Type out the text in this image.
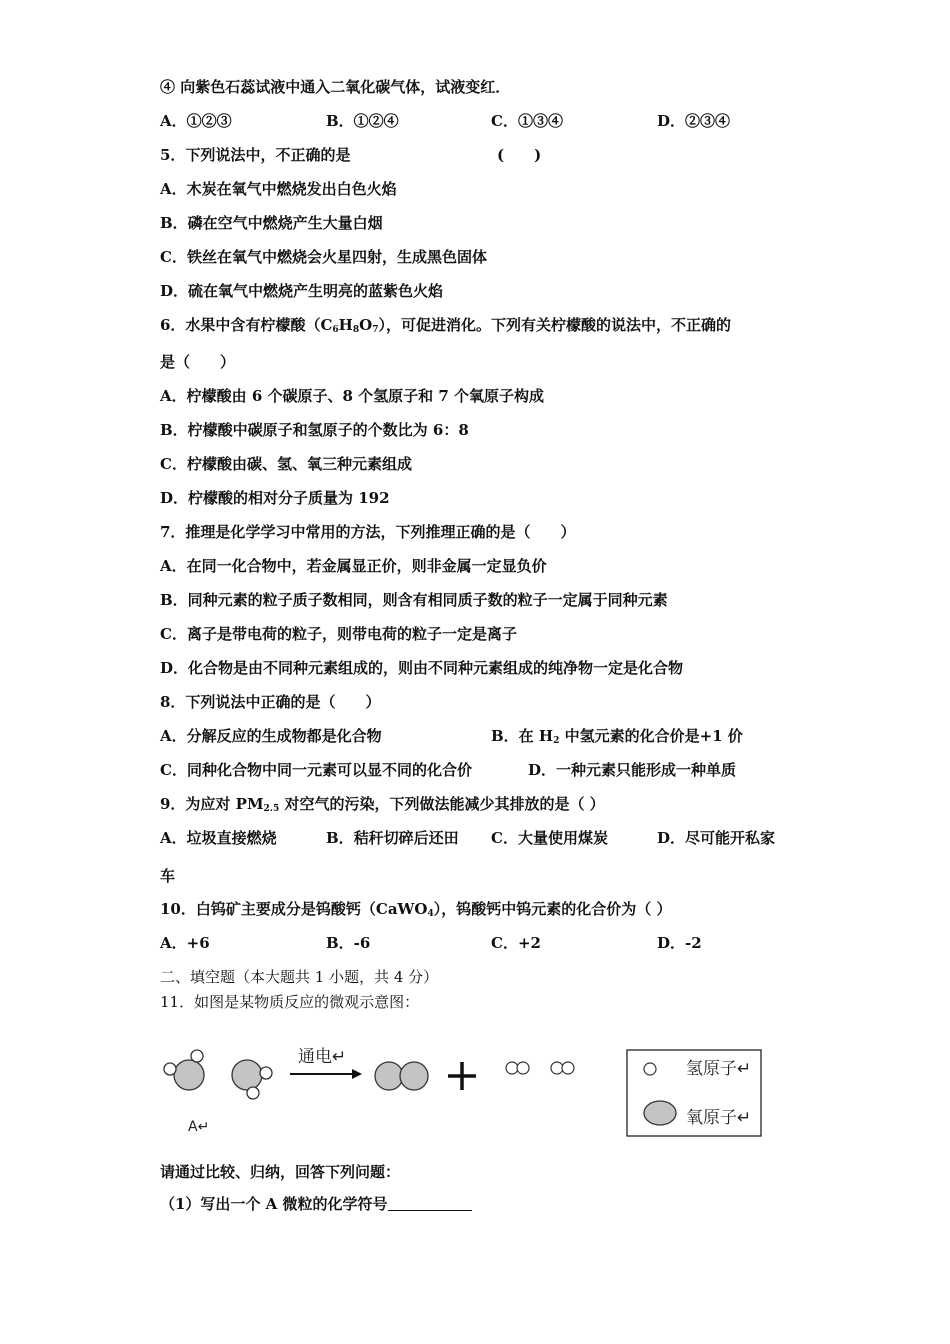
④ 向紫色石蕊试液中通入二氧化碳气体，试液变红．
A．①②③	B．①②④	C．①③④	D．②③④
5．下列说法中，不正确的是	(　　)
A．木炭在氧气中燃烧发出白色火焰
B．磷在空气中燃烧产生大量白烟
C．铁丝在氧气中燃烧会火星四射，生成黑色固体
D．硫在氧气中燃烧产生明亮的蓝紫色火焰
6．水果中含有柠檬酸$(C_6H_8O_7)$，可促进消化。下列有关柠檬酸的说法中，不正确的
是（　　）
A．柠檬酸由 6 个碳原子、8 个氢原子和 7 个氧原子构成
B．柠檬酸中碳原子和氢原子的个数比为 6：8
C．柠檬酸由碳、氢、氧三种元素组成
D．柠檬酸的相对分子质量为 192
7．推理是化学学习中常用的方法，下列推理正确的是（　　）
A．在同一化合物中，若金属显正价，则非金属一定显负价
B．同种元素的粒子质子数相同，则含有相同质子数的粒子一定属于同种元素
C．离子是带电荷的粒子，则带电荷的粒子一定是离子
D．化合物是由不同种元素组成的，则由不同种元素组成的纯净物一定是化合物
8．下列说法中正确的是（　　）
A．分解反应的生成物都是化合物	B．在 $H_2$ 中氢元素的化合价是+1 价
C．同种化合物中同一元素可以显不同的化合价	D．一种元素只能形成一种单质
9．为应对 $PM_{2.5}$ 对空气的污染，下列做法能减少其排放的是（ ）
A．垃圾直接燃烧	B．秸秆切碎后还田 C．大量使用煤炭	D．尽可能开私家
车
10．白钨矿主要成分是钨酸钙（CaWO$_4$），钨酸钙中钨元素的化合价为（ ）
A．+6	B．-6	C．+2	D．-2
二、填空题（本大题共 1 小题，共 4 分）
11．如图是某物质反应的微观示意图：
A↵
通电↵
氢原子↵
氧原子↵
请通过比较、归纳，回答下列问题：
（1）写出一个 A 微粒的化学符号
